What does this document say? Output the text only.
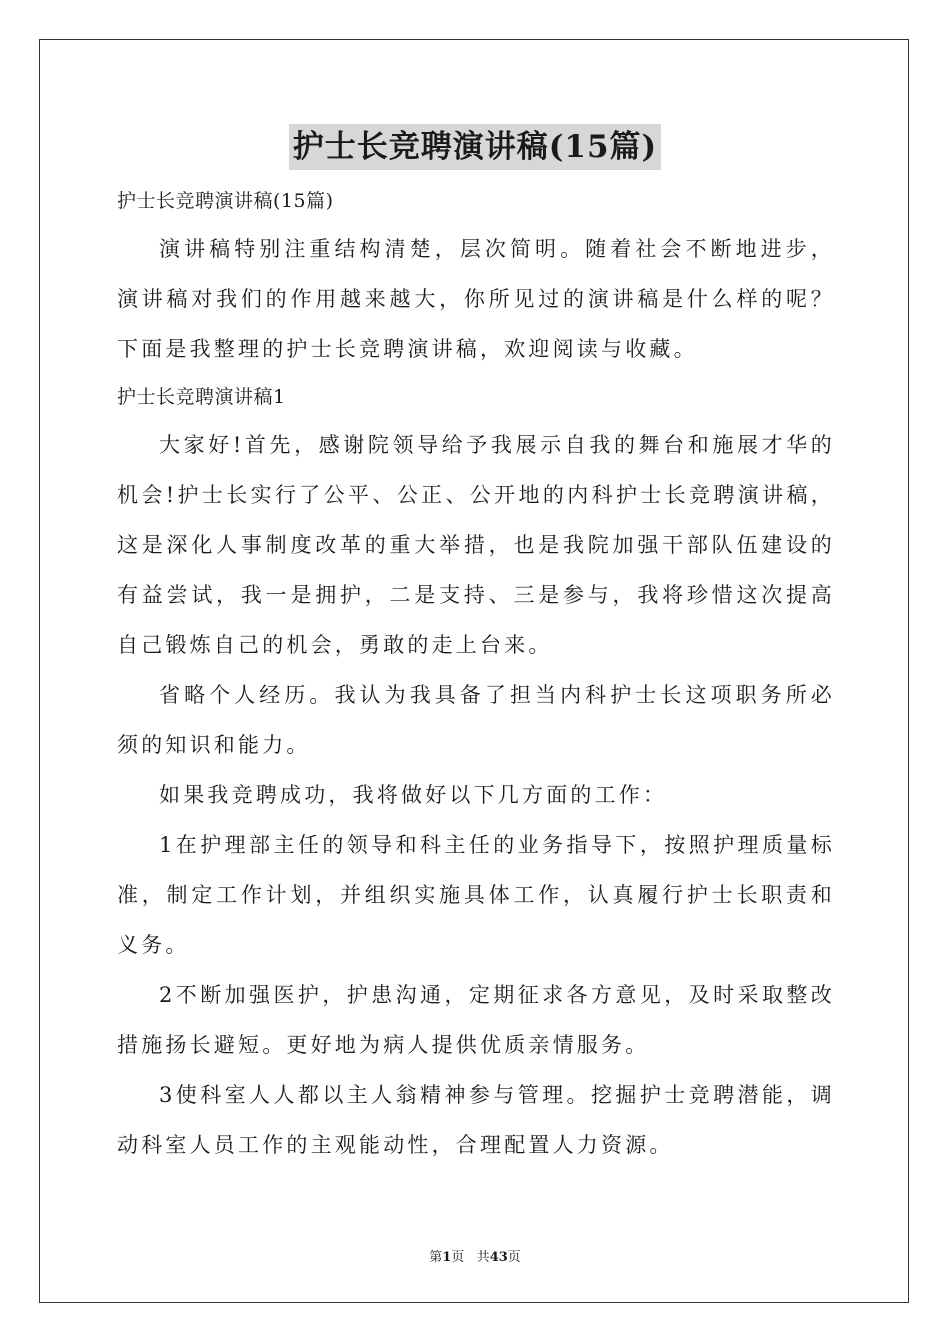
护士长竞聘演讲稿(15篇)

护士长竞聘演讲稿(15篇)

演讲稿特别注重结构清楚，层次简明。随着社会不断地进步，演讲稿对我们的作用越来越大，你所见过的演讲稿是什么样的呢？下面是我整理的护士长竞聘演讲稿，欢迎阅读与收藏。

护士长竞聘演讲稿1

大家好!首先，感谢院领导给予我展示自我的舞台和施展才华的机会!护士长实行了公平、公正、公开地的内科护士长竞聘演讲稿，这是深化人事制度改革的重大举措，也是我院加强干部队伍建设的有益尝试，我一是拥护，二是支持、三是参与，我将珍惜这次提高自己锻炼自己的机会，勇敢的走上台来。

省略个人经历。我认为我具备了担当内科护士长这项职务所必须的知识和能力。

如果我竞聘成功，我将做好以下几方面的工作：

1在护理部主任的领导和科主任的业务指导下，按照护理质量标准，制定工作计划，并组织实施具体工作，认真履行护士长职责和义务。

2不断加强医护，护患沟通，定期征求各方意见，及时采取整改措施扬长避短。更好地为病人提供优质亲情服务。

3使科室人人都以主人翁精神参与管理。挖掘护士竞聘潜能，调动科室人员工作的主观能动性，合理配置人力资源。

第1页 共43页
